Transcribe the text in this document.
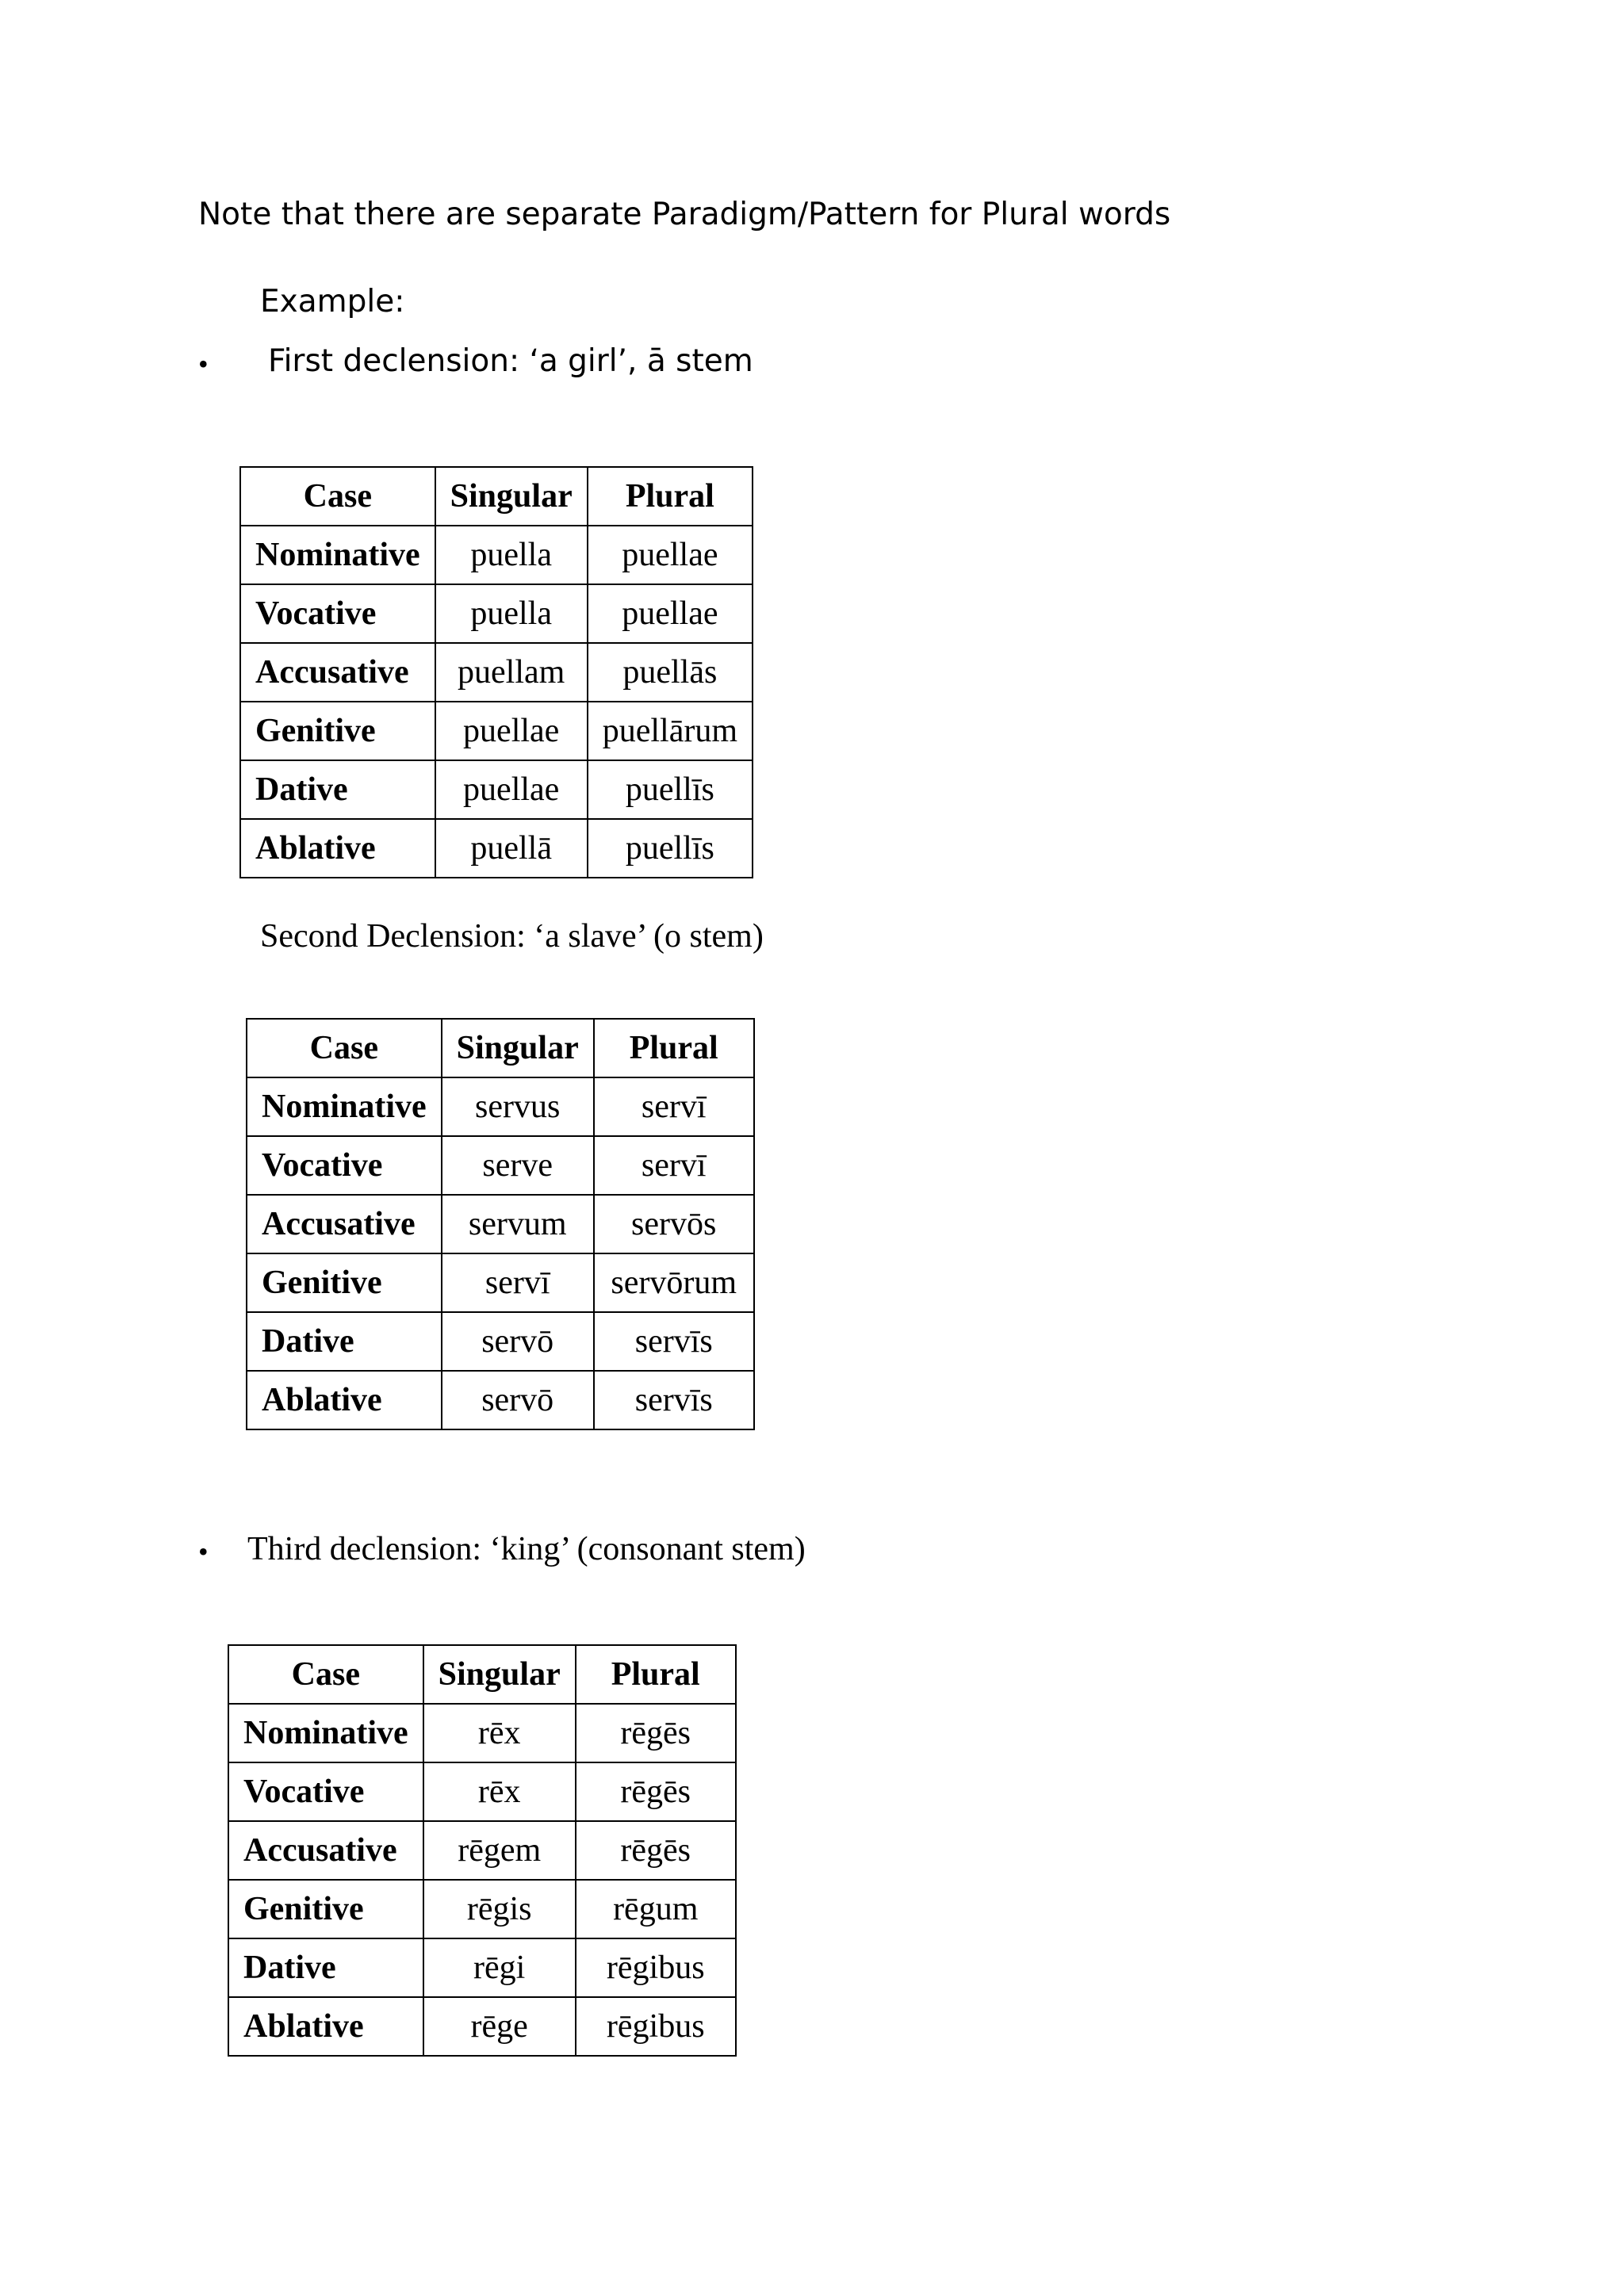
Note that there are separate Paradigm/Pattern for Plural words
Example:
• First declension: ‘a girl’, ā stem
Case	Singular	Plural
Nominative	puella	puellae
Vocative	puella	puellae
Accusative	puellam	puellās
Genitive	puellae	puellārum
Dative	puellae	puellīs
Ablative	puellā	puellīs
Second Declension: ‘a slave’ (o stem)
Case	Singular	Plural
Nominative	servus	servī
Vocative	serve	servī
Accusative	servum	servōs
Genitive	servī	servōrum
Dative	servō	servīs
Ablative	servō	servīs
• Third declension: ‘king’ (consonant stem)
Case	Singular	Plural
Nominative	rēx	rēgēs
Vocative	rēx	rēgēs
Accusative	rēgem	rēgēs
Genitive	rēgis	rēgum
Dative	rēgi	rēgibus
Ablative	rēge	rēgibus
